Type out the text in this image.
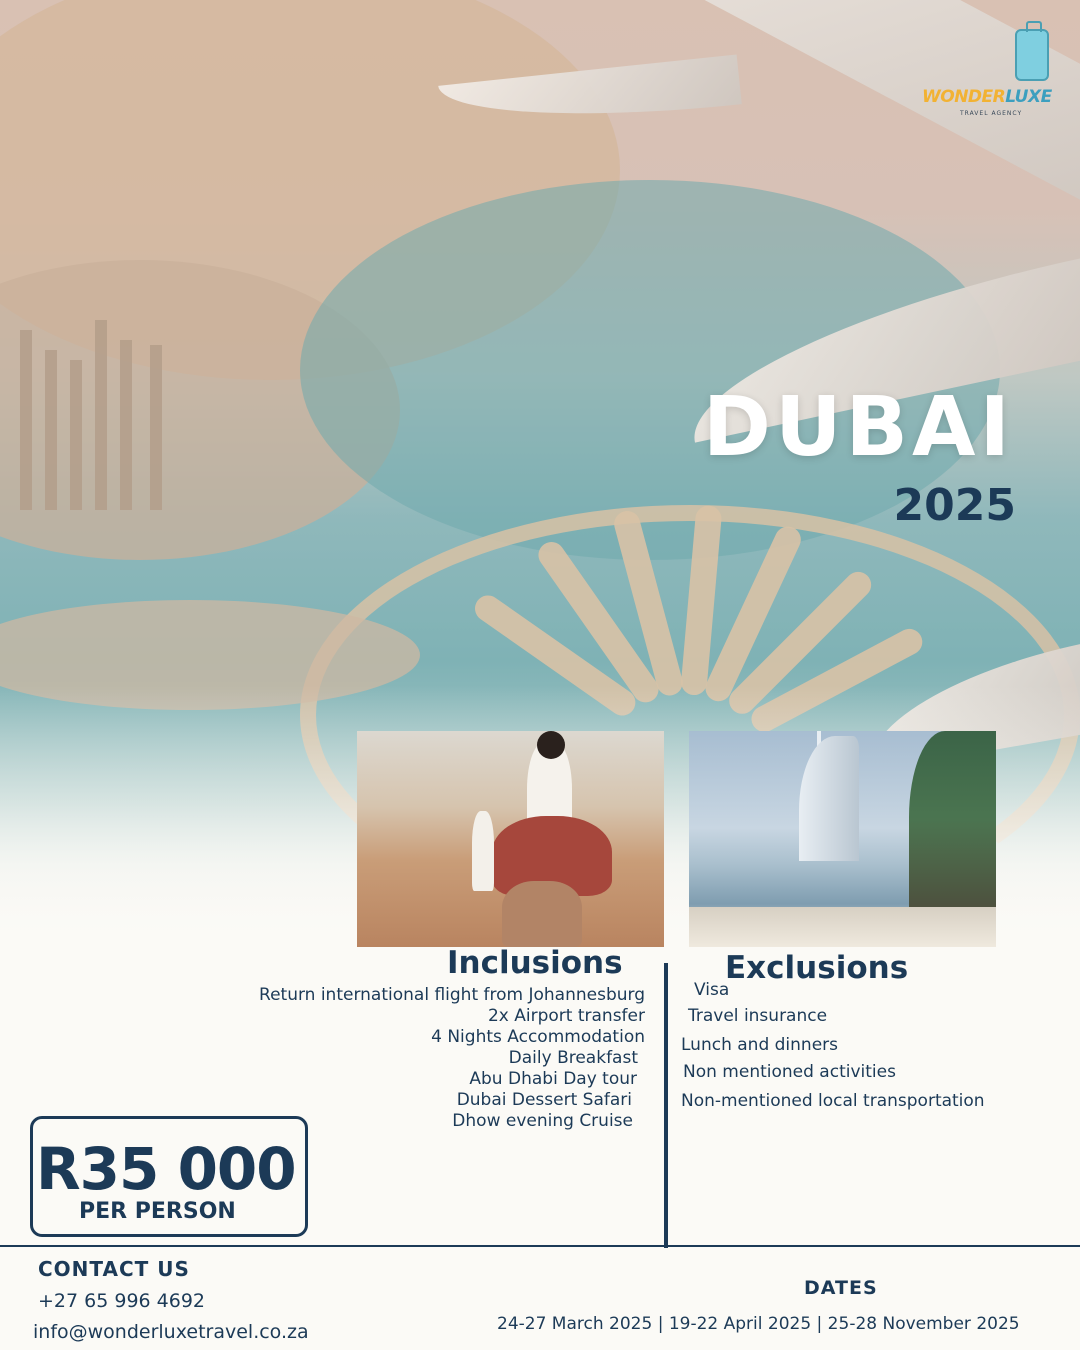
WONDERLUXE
TRAVEL AGENCY
DUBAI
2025
Inclusions
Return international flight from Johannesburg
2x Airport transfer
4 Nights Accommodation
Daily Breakfast
Abu Dhabi Day tour
Dubai Dessert Safari
Dhow evening Cruise
Exclusions
Visa
Travel insurance
Lunch and dinners
Non mentioned activities
Non-mentioned local transportation
R35 000
PER PERSON
CONTACT US
+27 65 996 4692
info@wonderluxetravel.co.za
DATES
24-27 March 2025 | 19-22 April 2025 | 25-28 November 2025
